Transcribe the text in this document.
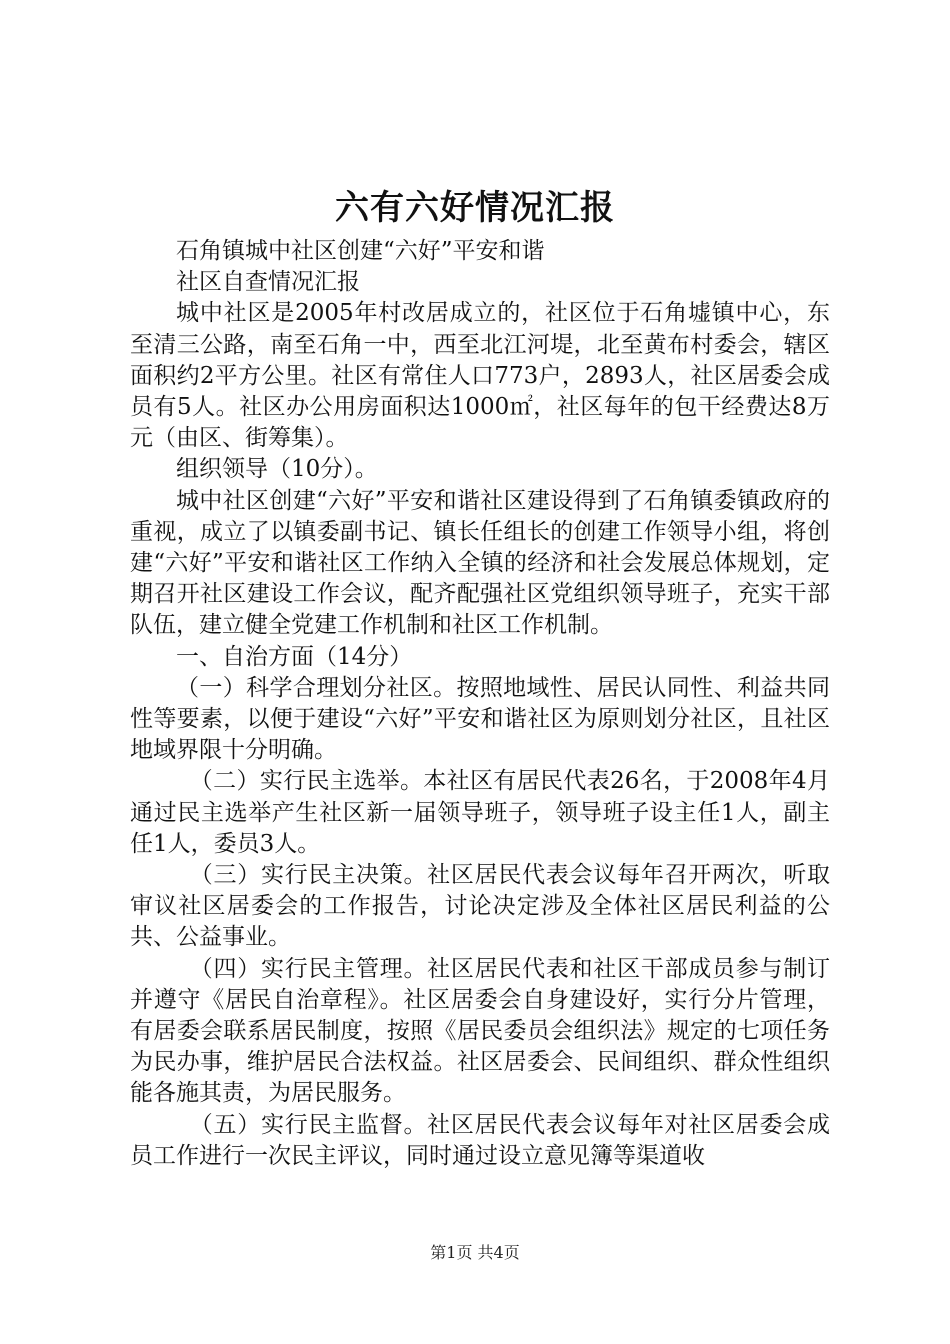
六有六好情况汇报

石角镇城中社区创建“六好”平安和谐

社区自查情况汇报

城中社区是2005年村改居成立的，社区位于石角墟镇中心，东至清三公路，南至石角一中，西至北江河堤，北至黄布村委会，辖区面积约2平方公里。社区有常住人口773户，2893人，社区居委会成员有5人。社区办公用房面积达1000㎡，社区每年的包干经费达8万元（由区、街筹集）。

组织领导（10分）。

城中社区创建“六好”平安和谐社区建设得到了石角镇委镇政府的重视，成立了以镇委副书记、镇长任组长的创建工作领导小组，将创建“六好”平安和谐社区工作纳入全镇的经济和社会发展总体规划，定期召开社区建设工作会议，配齐配强社区党组织领导班子，充实干部队伍，建立健全党建工作机制和社区工作机制。

一、自治方面（14分）

（一）科学合理划分社区。按照地域性、居民认同性、利益共同性等要素，以便于建设“六好”平安和谐社区为原则划分社区，且社区地域界限十分明确。

（二）实行民主选举。本社区有居民代表26名，于2008年4月通过民主选举产生社区新一届领导班子，领导班子设主任1人，副主任1人，委员3人。

（三）实行民主决策。社区居民代表会议每年召开两次，听取审议社区居委会的工作报告，讨论决定涉及全体社区居民利益的公共、公益事业。

（四）实行民主管理。社区居民代表和社区干部成员参与制订并遵守《居民自治章程》。社区居委会自身建设好，实行分片管理，有居委会联系居民制度，按照《居民委员会组织法》规定的七项任务为民办事，维护居民合法权益。社区居委会、民间组织、群众性组织能各施其责，为居民服务。

（五）实行民主监督。社区居民代表会议每年对社区居委会成员工作进行一次民主评议，同时通过设立意见簿等渠道收

第1页 共4页
